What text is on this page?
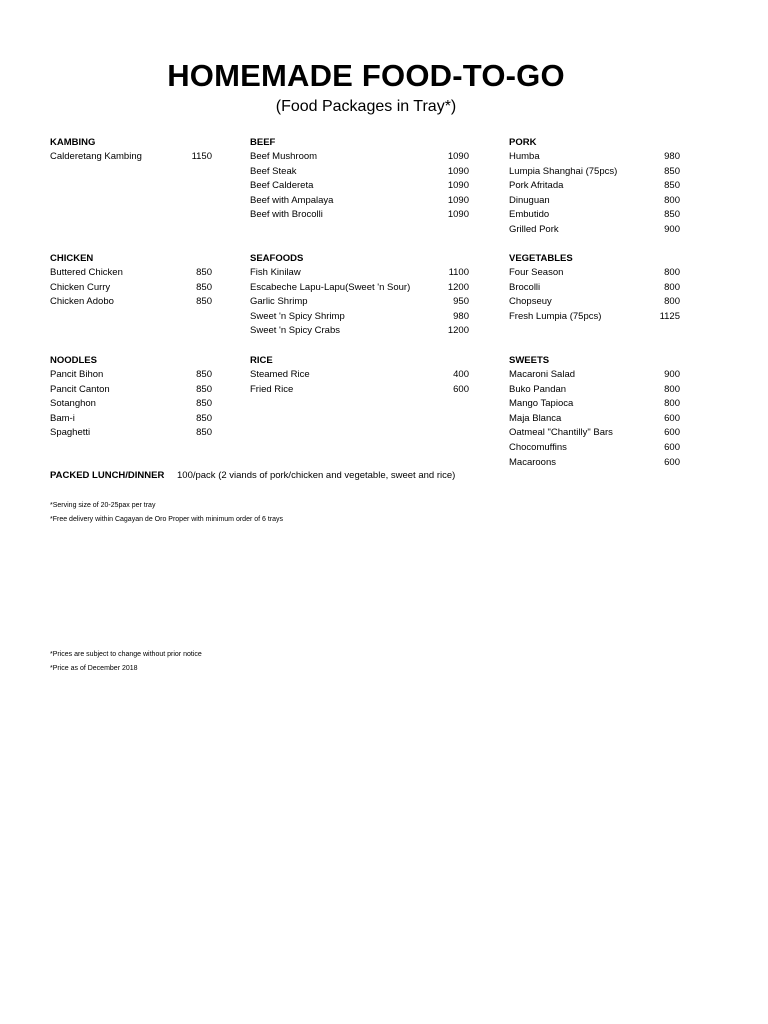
HOMEMADE FOOD-TO-GO
(Food Packages in Tray*)
KAMBING
Calderetang Kambing	1150
BEEF
Beef Mushroom	1090
Beef Steak	1090
Beef Caldereta	1090
Beef with Ampalaya	1090
Beef with Brocolli	1090
PORK
Humba	980
Lumpia Shanghai (75pcs)	850
Pork Afritada	850
Dinuguan	800
Embutido	850
Grilled Pork	900
CHICKEN
Buttered Chicken	850
Chicken Curry	850
Chicken Adobo	850
SEAFOODS
Fish Kinilaw	1100
Escabeche Lapu-Lapu(Sweet 'n Sour)	1200
Garlic Shrimp	950
Sweet 'n Spicy Shrimp	980
Sweet 'n Spicy Crabs	1200
VEGETABLES
Four Season	800
Brocolli	800
Chopseuy	800
Fresh Lumpia (75pcs)	1125
NOODLES
Pancit Bihon	850
Pancit Canton	850
Sotanghon	850
Bam-i	850
Spaghetti	850
RICE
Steamed Rice	400
Fried Rice	600
SWEETS
Macaroni Salad	900
Buko Pandan	800
Mango Tapioca	800
Maja Blanca	600
Oatmeal "Chantilly" Bars	600
Chocomuffins	600
Macaroons	600
PACKED LUNCH/DINNER 100/pack (2 viands of pork/chicken and vegetable, sweet and rice)
*Serving size of 20-25pax per tray
*Free delivery within Cagayan de Oro Proper with minimum order of 6 trays
*Prices are subject to change without prior notice
*Price as of December 2018
